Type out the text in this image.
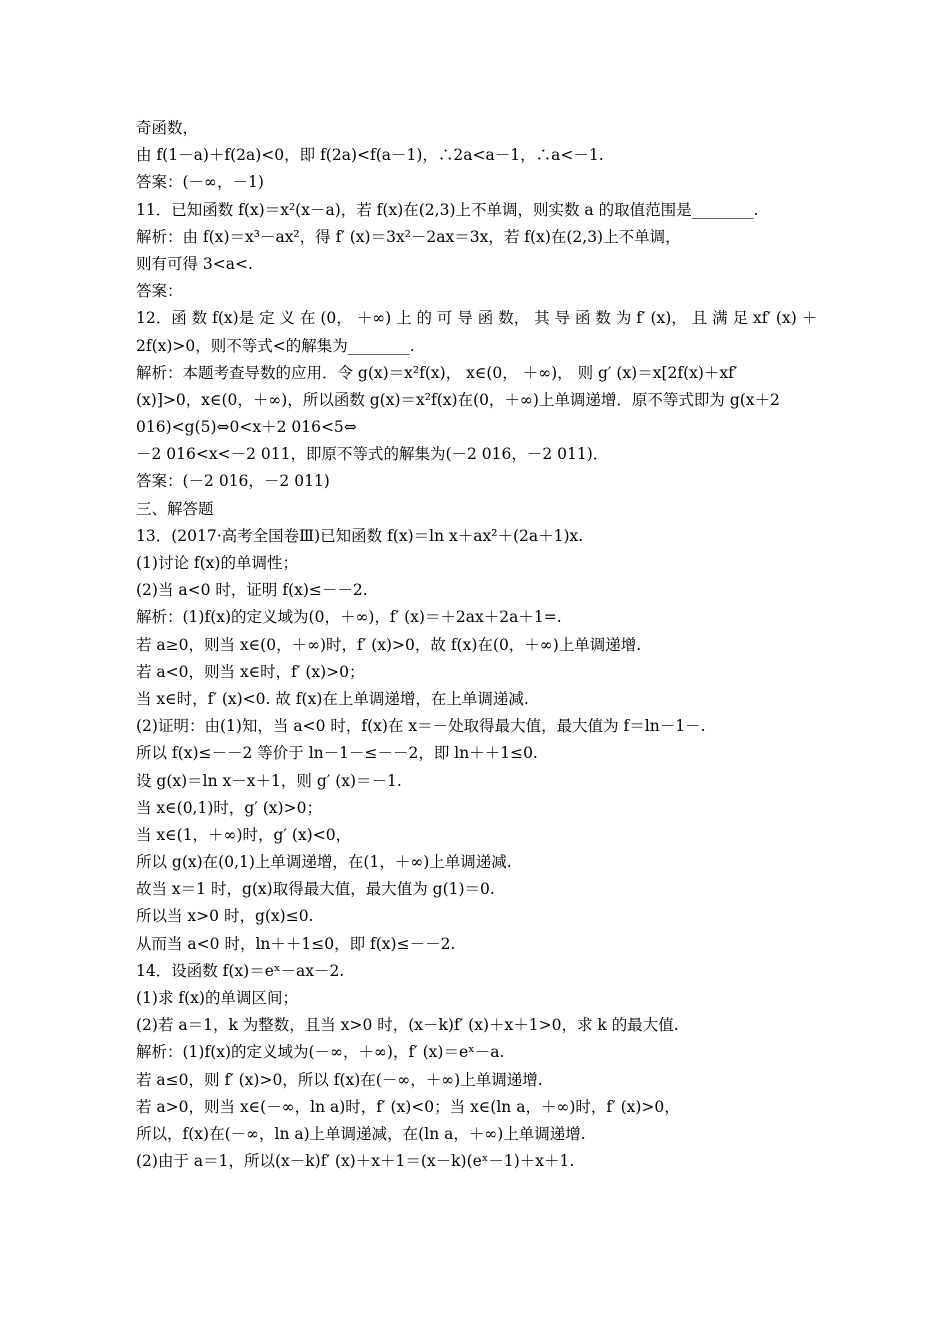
奇函数，
由 f(1－a)＋f(2a)<0，即 f(2a)<f(a－1)，∴2a<a－1，∴a<－1.
答案：(－∞，－1)
11．已知函数 f(x)＝x²(x－a)，若 f(x)在(2,3)上不单调，则实数 a 的取值范围是________.
解析：由 f(x)＝x³－ax²，得 f′ (x)＝3x²－2ax＝3x，若 f(x)在(2,3)上不单调，
则有可得 3<a<.
答案：
12．函 数 f(x)是 定 义 在 (0， ＋∞) 上 的 可 导 函 数， 其 导 函 数 为 f′ (x)， 且 满 足 xf′ (x) ＋
2f(x)>0，则不等式<的解集为________.
解析：本题考查导数的应用．令 g(x)＝x²f(x)， x∈(0， ＋∞)， 则 g′ (x)＝x[2f(x)＋xf′
(x)]>0，x∈(0，＋∞)，所以函数 g(x)＝x²f(x)在(0，＋∞)上单调递增．原不等式即为 g(x＋2
016)<g(5)⇔0<x＋2 016<5⇔
－2 016<x<－2 011，即原不等式的解集为(－2 016，－2 011)．
答案：(－2 016，－2 011)
三、解答题
13．(2017·高考全国卷Ⅲ)已知函数 f(x)＝ln x＋ax²＋(2a＋1)x.
(1)讨论 f(x)的单调性；
(2)当 a<0 时，证明 f(x)≤－－2.
解析：(1)f(x)的定义域为(0，＋∞)，f′ (x)＝＋2ax＋2a＋1=.
若 a≥0，则当 x∈(0，＋∞)时，f′ (x)>0，故 f(x)在(0，＋∞)上单调递增.
若 a<0，则当 x∈时，f′ (x)>0；
当 x∈时，f′ (x)<0. 故 f(x)在上单调递增，在上单调递减.
(2)证明：由(1)知，当 a<0 时，f(x)在 x＝－处取得最大值，最大值为 f＝ln－1－.
所以 f(x)≤－－2 等价于 ln－1－≤－－2，即 ln＋＋1≤0.
设 g(x)＝ln x－x＋1，则 g′ (x)＝－1.
当 x∈(0,1)时，g′ (x)>0；
当 x∈(1，＋∞)时，g′ (x)<0，
所以 g(x)在(0,1)上单调递增，在(1，＋∞)上单调递减.
故当 x＝1 时，g(x)取得最大值，最大值为 g(1)＝0.
所以当 x>0 时，g(x)≤0.
从而当 a<0 时，ln＋＋1≤0，即 f(x)≤－－2.
14．设函数 f(x)＝eˣ－ax－2.
(1)求 f(x)的单调区间；
(2)若 a＝1，k 为整数，且当 x>0 时，(x－k)f′ (x)＋x＋1>0，求 k 的最大值.
解析：(1)f(x)的定义域为(－∞，＋∞)，f′ (x)＝eˣ－a.
若 a≤0，则 f′ (x)>0，所以 f(x)在(－∞，＋∞)上单调递增.
若 a>0，则当 x∈(－∞，ln a)时，f′ (x)<0；当 x∈(ln a，＋∞)时，f′ (x)>0，
所以，f(x)在(－∞，ln a)上单调递减，在(ln a，＋∞)上单调递增.
(2)由于 a＝1，所以(x－k)f′ (x)＋x＋1＝(x－k)(eˣ－1)＋x＋1.
